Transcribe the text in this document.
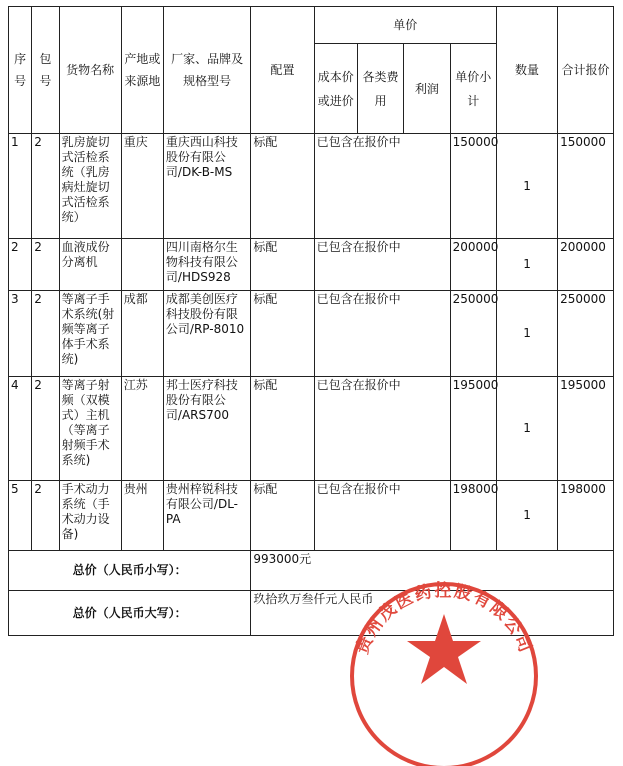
序号	包号	货物名称	产地或来源地	厂家、品牌及规格型号	配置	单价				数量	合计报价
						成本价或进价	各类费用	利润	单价小计		
1	2	乳房旋切式活检系统（乳房病灶旋切式活检系统）	重庆	重庆西山科技股份有限公司/DK-B-MS	标配	已包含在报价中			150000	1	150000
2	2	血液成份分离机		四川南格尔生物科技有限公司/HDS928	标配	已包含在报价中			200000	1	200000
3	2	等离子手术系统(射频等离子体手术系统)	成都	成都美创医疗科技股份有限公司/RP-8010	标配	已包含在报价中			250000	1	250000
4	2	等离子射频（双模式）主机（等离子射频手术系统)	江苏	邦士医疗科技股份有限公司/ARS700	标配	已包含在报价中			195000	1	195000
5	2	手术动力系统（手术动力设备)	贵州	贵州梓锐科技有限公司/DL-PA	标配	已包含在报价中			198000	1	198000
总价（人民币小写）：					993000元						
总价（人民币大写）：					玖拾玖万叁仟元人民币						
贵州茂医药控股有限公司
